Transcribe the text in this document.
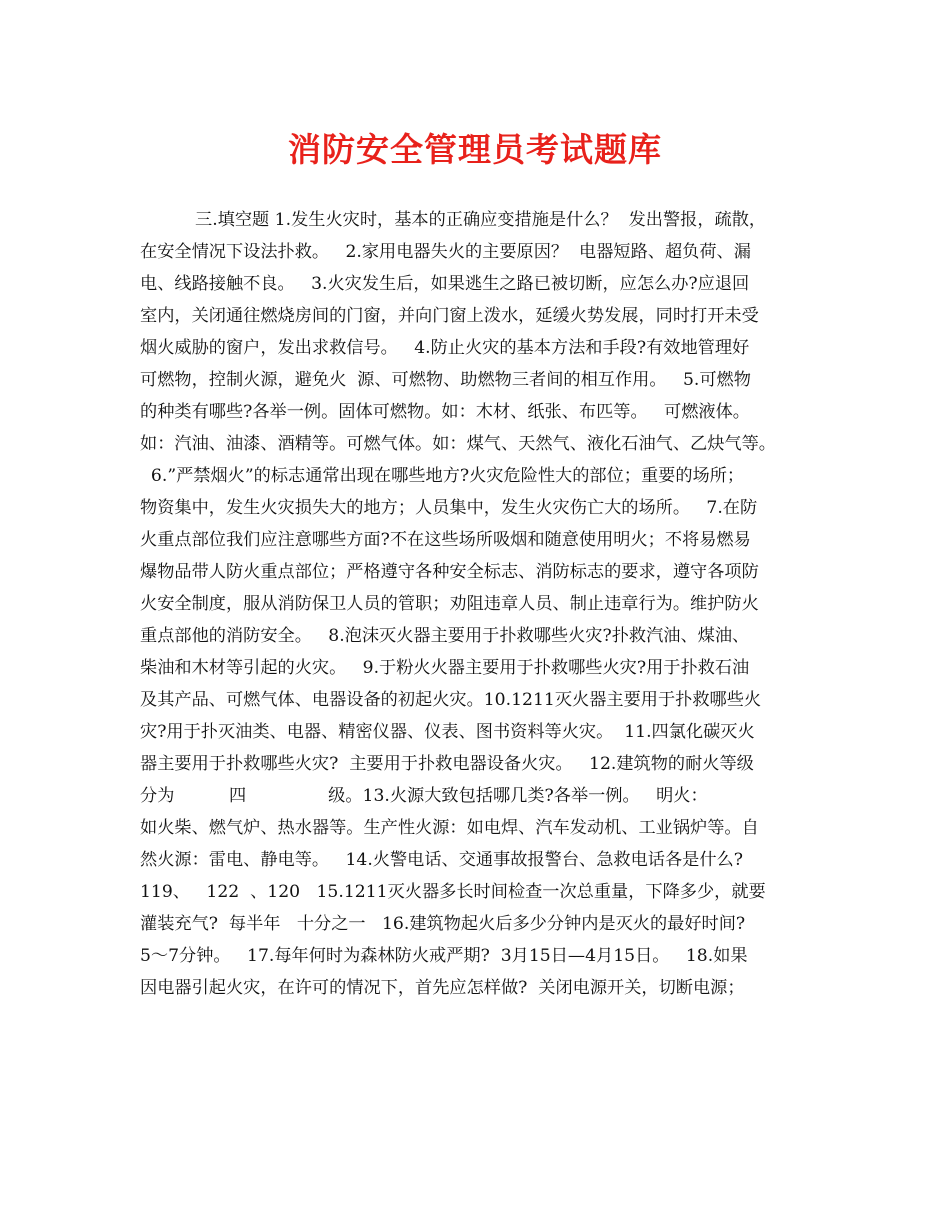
消防安全管理员考试题库
三.填空题 1.发生火灾时，基本的正确应变措施是什么？  发出警报，疏散，
在安全情况下设法扑救。   2.家用电器失火的主要原因？  电器短路、超负荷、漏
电、线路接触不良。   3.火灾发生后，如果逃生之路已被切断，应怎么办?应退回
室内，关闭通往燃烧房间的门窗，并向门窗上泼水，延缓火势发展，同时打开未受
烟火威胁的窗户，发出求救信号。   4.防止火灾的基本方法和手段?有效地管理好
可燃物，控制火源，避免火  源、可燃物、助燃物三者间的相互作用。   5.可燃物
的种类有哪些?各举一例。固体可燃物。如：木材、纸张、布匹等。   可燃液体。
如：汽油、油漆、酒精等。可燃气体。如：煤气、天然气、液化石油气、乙炔气等。
6.”严禁烟火”的标志通常出现在哪些地方?火灾危险性大的部位；重要的场所；
物资集中，发生火灾损失大的地方；人员集中，发生火灾伤亡大的场所。   7.在防
火重点部位我们应注意哪些方面?不在这些场所吸烟和随意使用明火；不将易燃易
爆物品带人防火重点部位；严格遵守各种安全标志、消防标志的要求，遵守各项防
火安全制度，服从消防保卫人员的管职；劝阻违章人员、制止违章行为。维护防火
重点部他的消防安全。   8.泡沫灭火器主要用于扑救哪些火灾?扑救汽油、煤油、
柴油和木材等引起的火灾。   9.于粉火火器主要用于扑救哪些火灾?用于扑救石油
及其产品、可燃气体、电器设备的初起火灾。10.1211灭火器主要用于扑救哪些火
灾?用于扑灭油类、电器、精密仪器、仪表、图书资料等火灾。  11.四氯化碳灭火
器主要用于扑救哪些火灾?  主要用于扑救电器设备火灾。   12.建筑物的耐火等级
分为          四               级。13.火源大致包括哪几类?各举一例。   明火：
如火柴、燃气炉、热水器等。生产性火源：如电焊、汽车发动机、工业锅炉等。自
然火源：雷电、静电等。   14.火警电话、交通事故报警台、急救电话各是什么?
119、   122  、120   15.1211灭火器多长时间检查一次总重量，下降多少，就要
灌装充气?  每半年   十分之一   16.建筑物起火后多少分钟内是灭火的最好时间?
5～7分钟。   17.每年何时为森林防火戒严期?  3月15日—4月15日。   18.如果
因电器引起火灾，在许可的情况下，首先应怎样做?  关闭电源开关，切断电源；
